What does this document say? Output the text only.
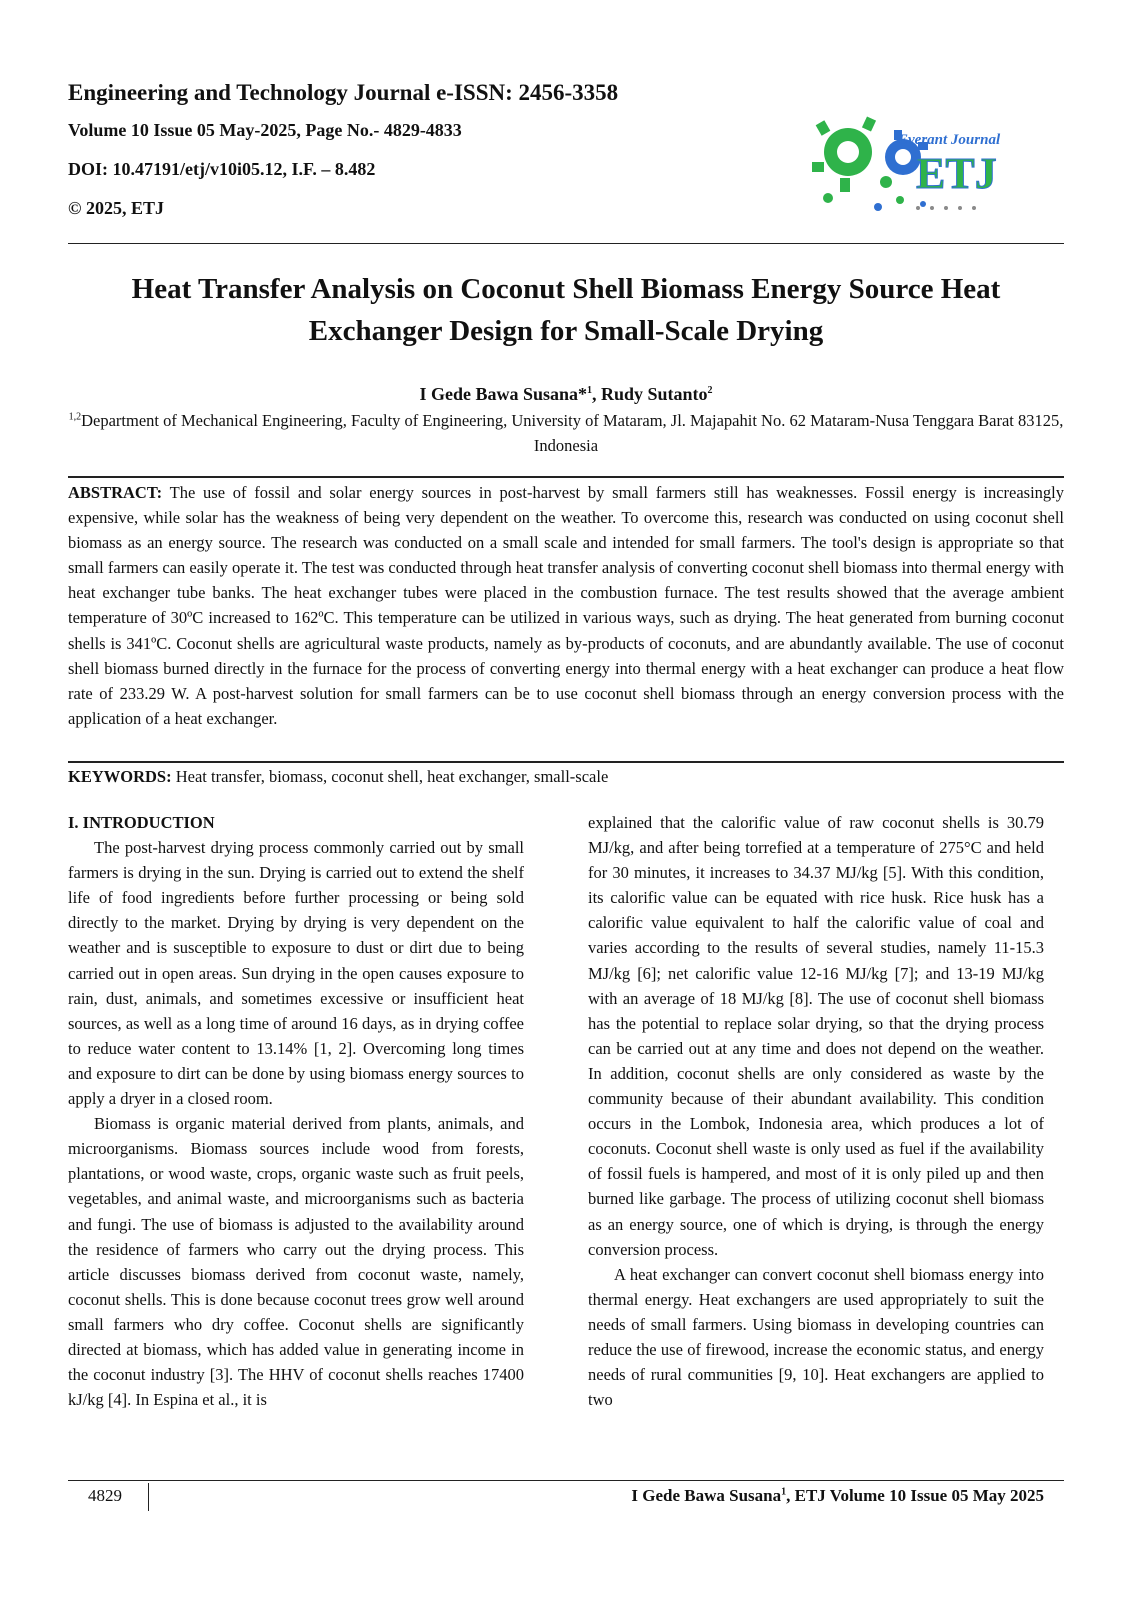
Engineering and Technology Journal e-ISSN: 2456-3358

Volume 10 Issue 05 May-2025, Page No.- 4829-4833

DOI: 10.47191/etj/v10i05.12, I.F. – 8.482

© 2025, ETJ

Everant Journal
ETJ
Heat Transfer Analysis on Coconut Shell Biomass Energy Source Heat
Exchanger Design for Small-Scale Drying
I Gede Bawa Susana*$^1$, Rudy Sutanto$^2$
$^{1,2}$Department of Mechanical Engineering, Faculty of Engineering, University of Mataram, Jl. Majapahit No. 62 Mataram-Nusa Tenggara Barat 83125, Indonesia
ABSTRACT: The use of fossil and solar energy sources in post-harvest by small farmers still has weaknesses. Fossil energy is increasingly expensive, while solar has the weakness of being very dependent on the weather. To overcome this, research was conducted on using coconut shell biomass as an energy source. The research was conducted on a small scale and intended for small farmers. The tool's design is appropriate so that small farmers can easily operate it. The test was conducted through heat transfer analysis of converting coconut shell biomass into thermal energy with heat exchanger tube banks. The heat exchanger tubes were placed in the combustion furnace. The test results showed that the average ambient temperature of 30ºC increased to 162ºC. This temperature can be utilized in various ways, such as drying. The heat generated from burning coconut shells is 341ºC. Coconut shells are agricultural waste products, namely as by-products of coconuts, and are abundantly available. The use of coconut shell biomass burned directly in the furnace for the process of converting energy into thermal energy with a heat exchanger can produce a heat flow rate of 233.29 W. A post-harvest solution for small farmers can be to use coconut shell biomass through an energy conversion process with the application of a heat exchanger.
KEYWORDS: Heat transfer, biomass, coconut shell, heat exchanger, small-scale

I. INTRODUCTION

The post-harvest drying process commonly carried out by small farmers is drying in the sun. Drying is carried out to extend the shelf life of food ingredients before further processing or being sold directly to the market. Drying by drying is very dependent on the weather and is susceptible to exposure to dust or dirt due to being carried out in open areas. Sun drying in the open causes exposure to rain, dust, animals, and sometimes excessive or insufficient heat sources, as well as a long time of around 16 days, as in drying coffee to reduce water content to 13.14% [1, 2]. Overcoming long times and exposure to dirt can be done by using biomass energy sources to apply a dryer in a closed room.

Biomass is organic material derived from plants, animals, and microorganisms. Biomass sources include wood from forests, plantations, or wood waste, crops, organic waste such as fruit peels, vegetables, and animal waste, and microorganisms such as bacteria and fungi. The use of biomass is adjusted to the availability around the residence of farmers who carry out the drying process. This article discusses biomass derived from coconut waste, namely, coconut shells. This is done because coconut trees grow well around small farmers who dry coffee. Coconut shells are significantly directed at biomass, which has added value in generating income in the coconut industry [3]. The HHV of coconut shells reaches 17400 kJ/kg [4]. In Espina et al., it is

explained that the calorific value of raw coconut shells is 30.79 MJ/kg, and after being torrefied at a temperature of 275°C and held for 30 minutes, it increases to 34.37 MJ/kg [5]. With this condition, its calorific value can be equated with rice husk. Rice husk has a calorific value equivalent to half the calorific value of coal and varies according to the results of several studies, namely 11-15.3 MJ/kg [6]; net calorific value 12-16 MJ/kg [7]; and 13-19 MJ/kg with an average of 18 MJ/kg [8]. The use of coconut shell biomass has the potential to replace solar drying, so that the drying process can be carried out at any time and does not depend on the weather. In addition, coconut shells are only considered as waste by the community because of their abundant availability. This condition occurs in the Lombok, Indonesia area, which produces a lot of coconuts. Coconut shell waste is only used as fuel if the availability of fossil fuels is hampered, and most of it is only piled up and then burned like garbage. The process of utilizing coconut shell biomass as an energy source, one of which is drying, is through the energy conversion process.

A heat exchanger can convert coconut shell biomass energy into thermal energy. Heat exchangers are used appropriately to suit the needs of small farmers. Using biomass in developing countries can reduce the use of firewood, increase the economic status, and energy needs of rural communities [9, 10]. Heat exchangers are applied to two

4829	I Gede Bawa Susana$^1$, ETJ Volume 10 Issue 05 May 2025
